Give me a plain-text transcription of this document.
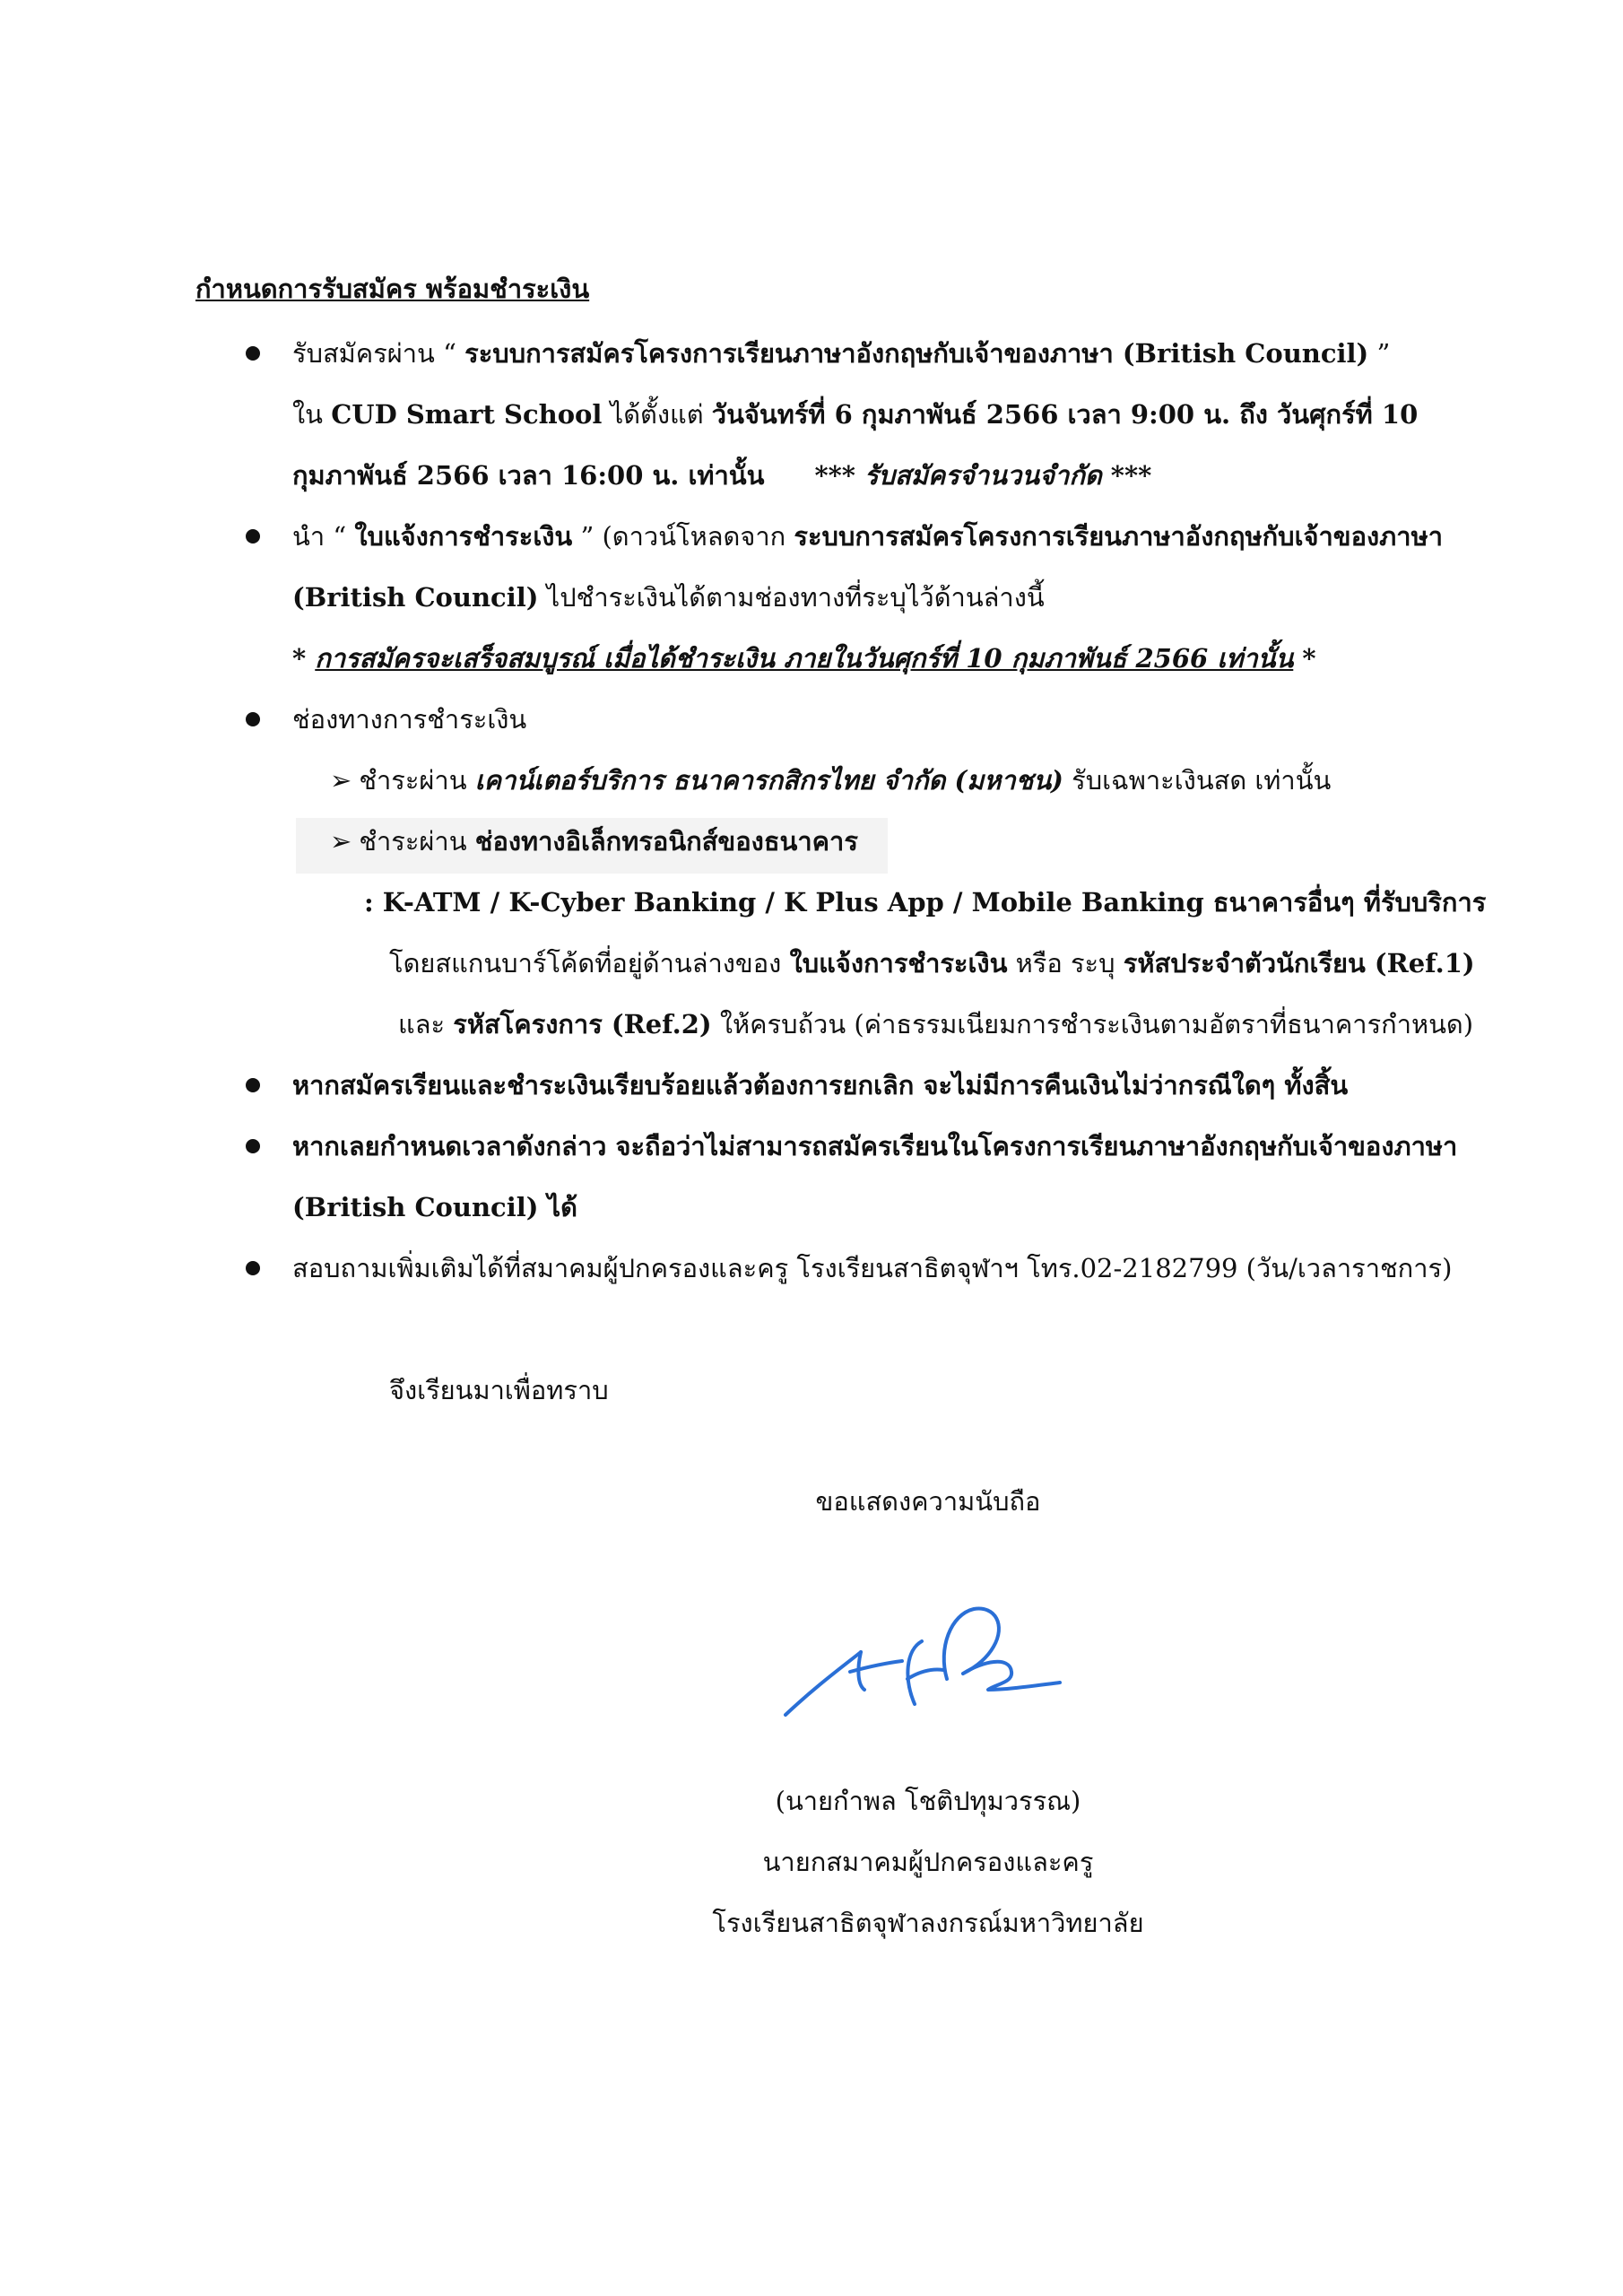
กำหนดการรับสมัคร พร้อมชำระเงิน
รับสมัครผ่าน “ ระบบการสมัครโครงการเรียนภาษาอังกฤษกับเจ้าของภาษา (British Council) ”
ใน CUD Smart School ได้ตั้งแต่ วันจันทร์ที่ 6 กุมภาพันธ์ 2566 เวลา 9:00 น. ถึง วันศุกร์ที่ 10
กุมภาพันธ์ 2566 เวลา 16:00 น. เท่านั้น *** รับสมัครจำนวนจำกัด ***
นำ “ ใบแจ้งการชำระเงิน ” (ดาวน์โหลดจาก ระบบการสมัครโครงการเรียนภาษาอังกฤษกับเจ้าของภาษา
(British Council) ไปชำระเงินได้ตามช่องทางที่ระบุไว้ด้านล่างนี้
* การสมัครจะเสร็จสมบูรณ์ เมื่อได้ชำระเงิน ภายในวันศุกร์ที่ 10 กุมภาพันธ์ 2566 เท่านั้น *
ช่องทางการชำระเงิน
➢ ชำระผ่าน เคาน์เตอร์บริการ ธนาคารกสิกรไทย จำกัด (มหาชน) รับเฉพาะเงินสด เท่านั้น
➢ ชำระผ่าน ช่องทางอิเล็กทรอนิกส์ของธนาคาร
: K-ATM / K-Cyber Banking / K Plus App / Mobile Banking ธนาคารอื่นๆ ที่รับบริการ
โดยสแกนบาร์โค้ดที่อยู่ด้านล่างของ ใบแจ้งการชำระเงิน หรือ ระบุ รหัสประจำตัวนักเรียน (Ref.1)
และ รหัสโครงการ (Ref.2) ให้ครบถ้วน (ค่าธรรมเนียมการชำระเงินตามอัตราที่ธนาคารกำหนด)
หากสมัครเรียนและชำระเงินเรียบร้อยแล้วต้องการยกเลิก จะไม่มีการคืนเงินไม่ว่ากรณีใดๆ ทั้งสิ้น
หากเลยกำหนดเวลาดังกล่าว จะถือว่าไม่สามารถสมัครเรียนในโครงการเรียนภาษาอังกฤษกับเจ้าของภาษา
(British Council) ได้
สอบถามเพิ่มเติมได้ที่สมาคมผู้ปกครองและครู โรงเรียนสาธิตจุฬาฯ โทร.02-2182799 (วัน/เวลาราชการ)
จึงเรียนมาเพื่อทราบ
ขอแสดงความนับถือ
(นายกำพล โชติปทุมวรรณ)
นายกสมาคมผู้ปกครองและครู
โรงเรียนสาธิตจุฬาลงกรณ์มหาวิทยาลัย
